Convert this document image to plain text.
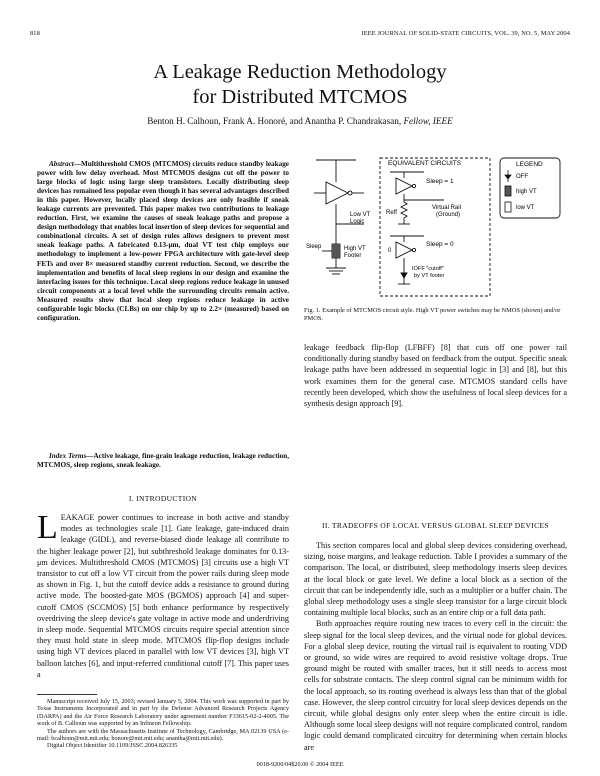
818	IEEE JOURNAL OF SOLID-STATE CIRCUITS, VOL. 39, NO. 5, MAY 2004
A Leakage Reduction Methodology
for Distributed MTCMOS
Benton H. Calhoun, Frank A. Honoré, and Anantha P. Chandrakasan, Fellow, IEEE

Abstract—Multithreshold CMOS (MTCMOS) circuits reduce standby leakage power with low delay overhead. Most MTCMOS designs cut off the power to large blocks of logic using large sleep transistors. Locally distributing sleep devices has remained less popular even though it has several advantages described in this paper. However, locally placed sleep devices are only feasible if sneak leakage currents are prevented. This paper makes two contributions to leakage reduction. First, we examine the causes of sneak leakage paths and propose a design methodology that enables local insertion of sleep devices for sequential and combinational circuits. A set of design rules allows designers to prevent most sneak leakage paths. A fabricated 0.13-μm, dual VT test chip employs our methodology to implement a low-power FPGA architecture with gate-level sleep FETs and over 8× measured standby current reduction. Second, we describe the implementation and benefits of local sleep regions in our design and examine the interfacing issues for this technique. Local sleep regions reduce leakage in unused circuit components at a local level while the surrounding circuits remain active. Measured results show that local sleep regions reduce leakage in active configurable logic blocks (CLBs) on our chip by up to 2.2× (measured) based on configuration.

Index Terms—Active leakage, fine-grain leakage reduction, leakage reduction, MTCMOS, sleep regions, sneak leakage.

I. INTRODUCTION
LEAKAGE power continues to increase in both active and standby modes as technologies scale [1]. Gate leakage, gate-induced drain leakage (GIDL), and reverse-biased diode leakage all contribute to the higher leakage power [2], but subthreshold leakage dominates for 0.13-μm devices. Multithreshold CMOS (MTCMOS) [3] circuits use a high VT transistor to cut off a low VT circuit from the power rails during sleep mode as shown in Fig. 1, but the cutoff device adds a resistance to ground during active mode. The boosted-gate MOS (BGMOS) approach [4] and super-cutoff CMOS (SCCMOS) [5] both enhance performance by respectively overdriving the sleep device's gate voltage in active mode and underdriving in sleep mode. Sequential MTCMOS circuits require special attention since they must hold state in sleep mode. MTCMOS flip-flop designs include using high VT devices placed in parallel with low VT devices [3], high VT balloon latches [6], and input-referred conditional cutoff [7]. This paper uses a

Manuscript received July 15, 2003; revised January 5, 2004. This work was supported in part by Texas Instruments Incorporated and in part by the Defense Advanced Research Projects Agency (DARPA) and the Air Force Research Laboratory under agreement number F33615-02-2-4005. The work of B. Calhoun was supported by an Infineon Fellowship.

The authors are with the Massachusetts Institute of Technology, Cambridge, MA 02139 USA (e-mail: bcalhoun@mit.mit.edu; honore@mit.mit.edu; anantha@mit.mit.edu).

Digital Object Identifier 10.1109/JSSC.2004.826335

Low VT
Logic
Sleep	High VT
Footer
EQUIVALENT CIRCUITS
Sleep = 1
Reff
Virtual Rail
(Ground)
Sleep = 0
0
IOFF "cutoff"
by VT footer
LEGEND
OFF
high VT
low VT
Fig. 1. Example of MTCMOS circuit style. High VT power switches may be NMOS (shown) and/or PMOS.

leakage feedback flip-flop (LFBFF) [8] that cuts off one power rail conditionally during standby based on feedback from the output. Specific sneak leakage paths have been addressed in sequential logic in [3] and [8], but this work examines them for the general case. MTCMOS standard cells have recently been developed, which show the usefulness of local sleep devices for a synthesis design approach [9].

II. TRADEOFFS OF LOCAL VERSUS GLOBAL SLEEP DEVICES

This section compares local and global sleep devices considering overhead, sizing, noise margins, and leakage reduction. Table I provides a summary of the comparison. The local, or distributed, sleep methodology inserts sleep devices at the local block or gate level. We define a local block as a section of the circuit that can be independently idle, such as a multiplier or a buffer chain. The global sleep methodology uses a single sleep transistor for a large circuit block containing multiple local blocks, such as an entire chip or a full data path.

Both approaches require routing new traces to every cell in the circuit: the sleep signal for the local sleep devices, and the virtual node for global devices. For a global sleep device, routing the virtual rail is equivalent to routing VDD or ground, so wide wires are required to avoid resistive voltage drops. True ground might be routed with smaller traces, but it still needs to access most cells for substrate contacts. The sleep control signal can be minimum width for the local approach, so its routing overhead is always less than that of the global case. However, the sleep control circuitry for local sleep devices depends on the circuit, while global designs only enter sleep when the entire circuit is idle. Although some local sleep designs will not require complicated control, random logic could demand complicated circuitry for determining when certain blocks are

0018-9200/04$20.00 © 2004 IEEE
